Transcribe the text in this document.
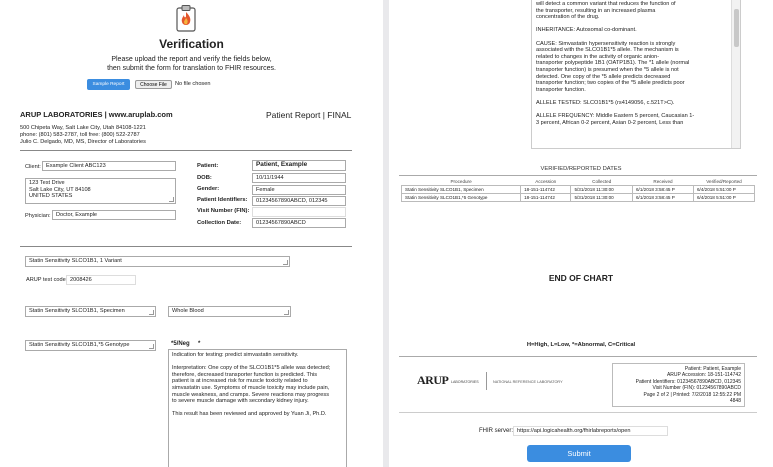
Verification
Please upload the report and verify the fields below,
then submit the form for translation to FHIR resources.
Sample Report	Choose File	No file chosen
ARUP LABORATORIES | www.aruplab.com	Patient Report | FINAL
500 Chipeta Way, Salt Lake City, Utah 84108-1221
phone: (801) 583-2787, toll free: (800) 522-2787
Julio C. Delgado, MD, MS, Director of Laboratories
Client: Example Client ABC123
123 Test Drive
Salt Lake City, UT 84108
UNITED STATES
Physician: Doctor, Example
Patient:	Patient, Example
DOB:	10/11/1944
Gender:	Female
Patient Identifiers:	01234567890ABCD, 012345
Visit Number (FIN):
Collection Date:	01234567890ABCD
Statin Sensitivity SLCO1B1, 1 Variant
ARUP test code 2008426
Statin Sensitivity SLCO1B1, Specimen	Whole Blood
Statin Sensitivity SLCO1B1,*5 Genotype	*5/Neg *
Indication for testing: predict simvastatin sensitivity.
Interpretation: One copy of the SLCO1B1*5 allele was detected;
therefore, decreased transporter function is predicted. This
patient is at increased risk for muscle toxicity related to
simvastatin use. Symptoms of muscle toxicity may include pain,
muscle weakness, and cramps. Severe reactions may progress
to severe muscle damage with secondary kidney injury.
This result has been reviewed and approved by Yuan Ji, Ph.D.
will detect a common variant that reduces the function of
the transporter, resulting in an increased plasma
concentration of the drug.
INHERITANCE: Autosomal co-dominant.
CAUSE: Simvastatin hypersensitivity reaction is strongly
associated with the SLCO1B1*5 allele. The mechanism is
related to changes in the activity of organic anion-
transporter polypeptide 1B1 (OATP1B1). The *1 allele (normal
transporter function) is presumed when the *5 allele is not
detected. One copy of the *5 allele predicts decreased
transporter function; two copies of the *5 allele predicts poor
transporter function.
ALLELE TESTED: SLCO1B1*5 (rs4149056, c.521T>C).
ALLELE FREQUENCY: Middle Eastern 5 percent, Caucasian 1-
3 percent, African 0-2 percent, Asian 0-2 percent, Less than
VERIFIED/REPORTED DATES
Procedure	Accession	Collected	Received	Verified/Reported
Statin Sensitivity SLCO1B1, Specimen	18-151-114742	5/31/2018 11:30:00	6/1/2018 3:58:45 P	6/4/2018 5:51:00 P
Statin Sensitivity SLCO1B1,*5 Genotype	18-151-114742	5/31/2018 11:30:00	6/1/2018 3:58:45 P	6/4/2018 5:51:00 P
END OF CHART
H=High, L=Low, *=Abnormal, C=Critical
ARUP LABORATORIES	NATIONAL REFERENCE LABORATORY
Patient: Patient, Example
ARUP Accession: 18-151-114742
Patient Identifiers: 01234567890ABCD, 012345
Visit Number (FIN): 01234567890ABCD
Page 2 of 2 | Printed: 7/2/2018 12:55:22 PM
4848
FHIR server: https://api.logicahealth.org/fhirlabreports/open
Submit
